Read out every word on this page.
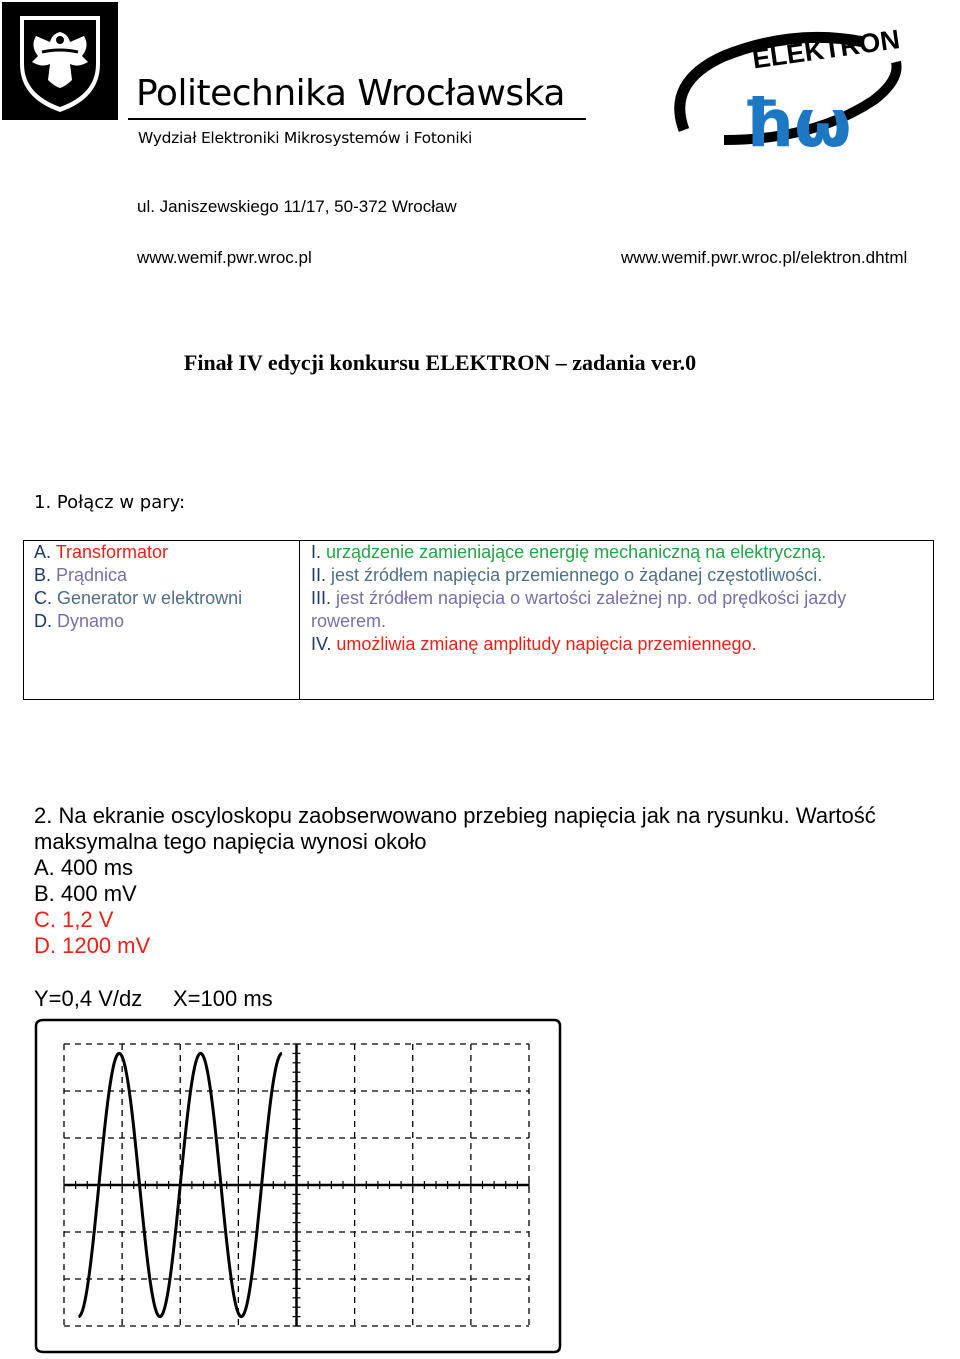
Politechnika Wrocławska
Wydział Elektroniki Mikrosystemów i Fotoniki
ELEKTRON
ħω
ul. Janiszewskiego 11/17, 50-372 Wrocław
www.wemif.pwr.wroc.pl	www.wemif.pwr.wroc.pl/elektron.dhtml
Finał IV edycji konkursu ELEKTRON – zadania ver.0
1. Połącz w pary:
A. Transformator
B. Prądnica
C. Generator w elektrowni
D. Dynamo
I. urządzenie zamieniające energię mechaniczną na elektryczną.
II. jest źródłem napięcia przemiennego o żądanej częstotliwości.
III. jest źródłem napięcia o wartości zależnej np. od prędkości jazdy rowerem.
IV. umożliwia zmianę amplitudy napięcia przemiennego.
2. Na ekranie oscyloskopu zaobserwowano przebieg napięcia jak na rysunku. Wartość
maksymalna tego napięcia wynosi około
A. 400 ms
B. 400 mV
C. 1,2 V
D. 1200 mV
Y=0,4 V/dz X=100 ms
